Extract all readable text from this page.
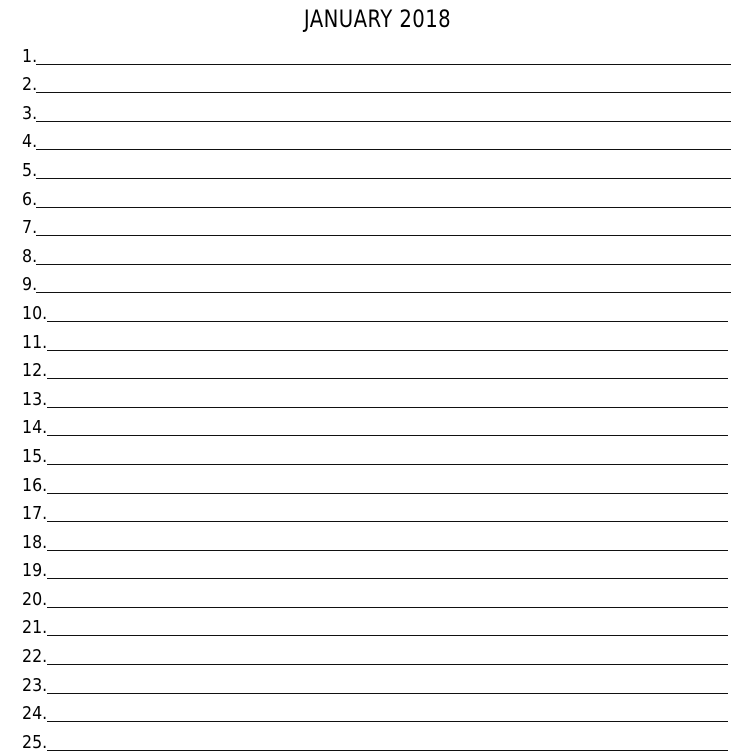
JANUARY 2018
1.
2.
3.
4.
5.
6.
7.
8.
9.
10.
11.
12.
13.
14.
15.
16.
17.
18.
19.
20.
21.
22.
23.
24.
25.
